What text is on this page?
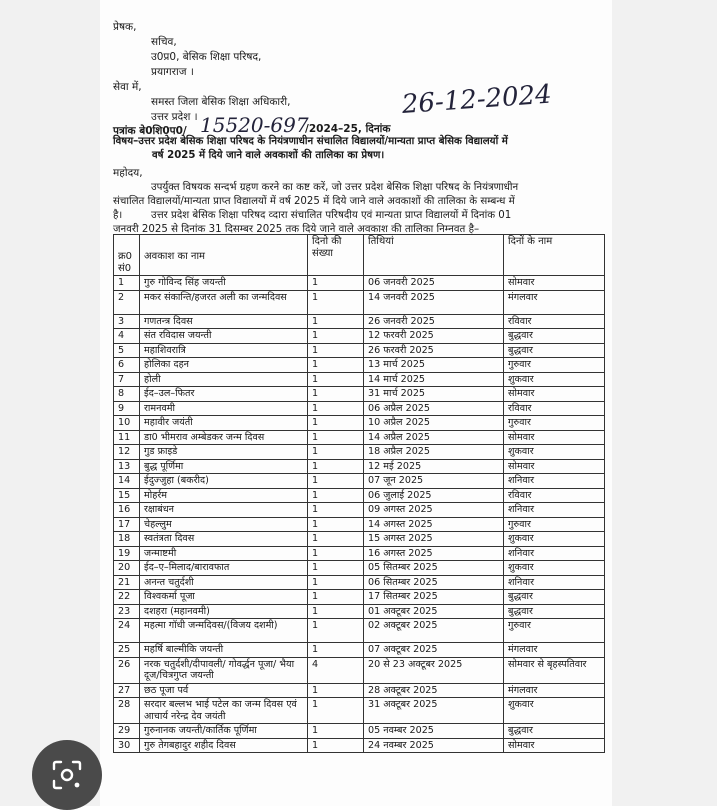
प्रेषक,
सचिव,
उ0प्र0, बेसिक शिक्षा परिषद,
प्रयागराज ।
सेवा में,
समस्त जिला बेसिक शिक्षा अधिकारी,
उत्तर प्रदेश ।
पत्रांक बे0शि0प0/ 15520-697
/2024–25, दिनांक
26-12-2024
विषय–उत्तर प्रदेश बेसिक शिक्षा परिषद के नियंत्रणाधीन संचालित विद्यालयों/मान्यता प्राप्त बेसिक विद्यालयों में
वर्ष 2025 में दिये जाने वाले अवकाशों की तालिका का प्रेषण।
महोदय,
उपर्युक्त विषयक सन्दर्भ ग्रहण करने का कष्ट करें, जो उत्तर प्रदेश बेसिक शिक्षा परिषद के नियंत्रणाधीन
संचालित विद्यालयों/मान्यता प्राप्त विद्यालयों में वर्ष 2025 में दिये जाने वाले अवकाशों की तालिका के सम्बन्ध में
है।	उत्तर प्रदेश बेसिक शिक्षा परिषद व्दारा संचालित परिषदीय एवं मान्यता प्राप्त विद्यालयों में दिनांक 01
जनवरी 2025 से दिनांक 31 दिसम्बर 2025 तक दिये जाने वाले अवकाश की तालिका निम्नवत है–
क्र0 सं0	अवकाश का नाम	दिनो की संख्या	तिथियां	दिनों के नाम
1	गुरु गोविन्द सिंह जयन्ती	1	06 जनवरी 2025	सोमवार
2	मकर संकान्ति/हजरत अली का जन्मदिवस	1	14 जनवरी 2025	मंगलवार
3	गणतन्त्र दिवस	1	26 जनवरी 2025	रविवार
4	संत रविदास जयन्ती	1	12 फरवरी 2025	बुद्धवार
5	महाशिवरात्रि	1	26 फरवरी 2025	बुद्धवार
6	होलिका दहन	1	13 मार्च 2025	गुरुवार
7	होली	1	14 मार्च 2025	शुकवार
8	ईद–उल–फितर	1	31 मार्च 2025	सोमवार
9	रामनवमी	1	06 अप्रैल 2025	रविवार
10	महावीर जयंती	1	10 अप्रैल 2025	गुरुवार
11	डा0 भीमराव अम्बेडकर जन्म दिवस	1	14 अप्रैल 2025	सोमवार
12	गुड फ्राइडे	1	18 अप्रैल 2025	शुकवार
13	बुद्ध पूर्णिमा	1	12 मई 2025	सोमवार
14	ईदुज्जुहा (बकरीद)	1	07 जून 2025	शनिवार
15	मोहर्रम	1	06 जुलाई 2025	रविवार
16	रक्षाबंधन	1	09 अगस्त 2025	शनिवार
17	चेहल्लुम	1	14 अगस्त 2025	गुरुवार
18	स्वतंत्रता दिवस	1	15 अगस्त 2025	शुकवार
19	जन्माष्टमी	1	16 अगस्त 2025	शनिवार
20	ईद–ए–मिलाद/बारावफात	1	05 सितम्बर 2025	शुकवार
21	अनन्त चतुर्दशी	1	06 सितम्बर 2025	शनिवार
22	विश्वकर्मा पूजा	1	17 सितम्बर 2025	बुद्धवार
23	दशहरा (महानवमी)	1	01 अक्टूबर 2025	बुद्धवार
24	महत्मा गॉधी जन्मदिवस/(विजय दशमी)	1	02 अक्टूबर 2025	गुरुवार
25	महर्षि बाल्मीकि जयन्ती	1	07 अक्टूबर 2025	मंगलवार
26	नरक चतुर्दशी/दीपावली/ गोवर्द्धन पूजा/ भैया दूज/चित्रगुप्त जयन्ती	4	20 से 23 अक्टूबर 2025	सोमवार से बृहस्पतिवार
27	छठ पूजा पर्व	1	28 अक्टूबर 2025	मंगलवार
28	सरदार बल्लभ भाई पटेल का जन्म दिवस एवं आचार्य नरेन्द्र देव जयंती	1	31 अक्टूबर 2025	शुकवार
29	गुरुनानक जयन्ती/कार्तिक पूर्णिमा	1	05 नवम्बर 2025	बुद्धवार
30	गुरु तेगबहादुर शहीद दिवस	1	24 नवम्बर 2025	सोमवार
